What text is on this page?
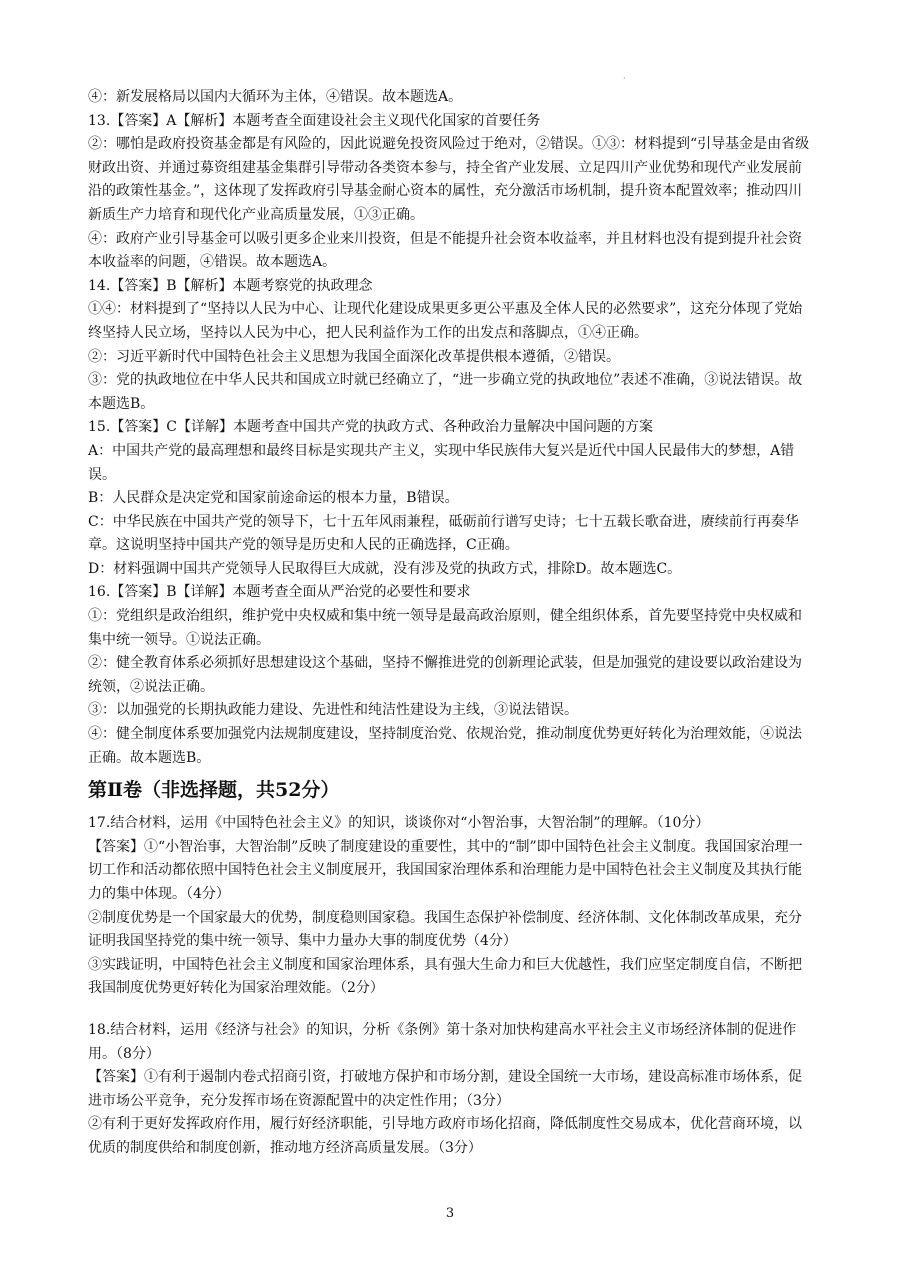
·

④：新发展格局以国内大循环为主体，④错误。故本题选A。

13.【答案】A【解析】本题考查全面建设社会主义现代化国家的首要任务

②：哪怕是政府投资基金都是有风险的，因此说避免投资风险过于绝对，②错误。①③：材料提到“引导基金是由省级财政出资、并通过募资组建基金集群引导带动各类资本参与，持全省产业发展、立足四川产业优势和现代产业发展前沿的政策性基金。”，这体现了发挥政府引导基金耐心资本的属性，充分激活市场机制，提升资本配置效率；推动四川新质生产力培育和现代化产业高质量发展，①③正确。

④：政府产业引导基金可以吸引更多企业来川投资，但是不能提升社会资本收益率，并且材料也没有提到提升社会资本收益率的问题，④错误。故本题选A。

14.【答案】B【解析】本题考察党的执政理念

①④：材料提到了“坚持以人民为中心、让现代化建设成果更多更公平惠及全体人民的必然要求”，这充分体现了党始终坚持人民立场，坚持以人民为中心，把人民利益作为工作的出发点和落脚点，①④正确。

②：习近平新时代中国特色社会主义思想为我国全面深化改革提供根本遵循，②错误。

③：党的执政地位在中华人民共和国成立时就已经确立了，“进一步确立党的执政地位”表述不准确，③说法错误。故本题选B。

15.【答案】C【详解】本题考查中国共产党的执政方式、各种政治力量解决中国问题的方案

A：中国共产党的最高理想和最终目标是实现共产主义，实现中华民族伟大复兴是近代中国人民最伟大的梦想，A错误。

B：人民群众是决定党和国家前途命运的根本力量，B错误。

C：中华民族在中国共产党的领导下，七十五年风雨兼程，砥砺前行谱写史诗；七十五载长歌奋进，赓续前行再奏华章。这说明坚持中国共产党的领导是历史和人民的正确选择，C正确。

D：材料强调中国共产党领导人民取得巨大成就，没有涉及党的执政方式，排除D。故本题选C。

16.【答案】B【详解】本题考查全面从严治党的必要性和要求

①：党组织是政治组织，维护党中央权威和集中统一领导是最高政治原则，健全组织体系，首先要坚持党中央权威和集中统一领导。①说法正确。

②：健全教育体系必须抓好思想建设这个基础，坚持不懈推进党的创新理论武装，但是加强党的建设要以政治建设为统领，②说法正确。

③：以加强党的长期执政能力建设、先进性和纯洁性建设为主线，③说法错误。

④：健全制度体系要加强党内法规制度建设，坚持制度治党、依规治党，推动制度优势更好转化为治理效能，④说法正确。故本题选B。

第Ⅱ卷（非选择题，共52分）

17.结合材料，运用《中国特色社会主义》的知识，谈谈你对“小智治事，大智治制”的理解。（10分）

【答案】①“小智治事，大智治制”反映了制度建设的重要性，其中的“制”即中国特色社会主义制度。我国国家治理一切工作和活动都依照中国特色社会主义制度展开，我国国家治理体系和治理能力是中国特色社会主义制度及其执行能力的集中体现。（4分）

②制度优势是一个国家最大的优势，制度稳则国家稳。我国生态保护补偿制度、经济体制、文化体制改革成果，充分证明我国坚持党的集中统一领导、集中力量办大事的制度优势（4分）

③实践证明，中国特色社会主义制度和国家治理体系，具有强大生命力和巨大优越性，我们应坚定制度自信，不断把我国制度优势更好转化为国家治理效能。（2分）

18.结合材料，运用《经济与社会》的知识，分析《条例》第十条对加快构建高水平社会主义市场经济体制的促进作用。（8分）

【答案】①有利于遏制内卷式招商引资，打破地方保护和市场分割，建设全国统一大市场，建设高标准市场体系，促进市场公平竞争，充分发挥市场在资源配置中的决定性作用；（3分）

②有利于更好发挥政府作用，履行好经济职能，引导地方政府市场化招商，降低制度性交易成本，优化营商环境，以优质的制度供给和制度创新，推动地方经济高质量发展。（3分）

3
